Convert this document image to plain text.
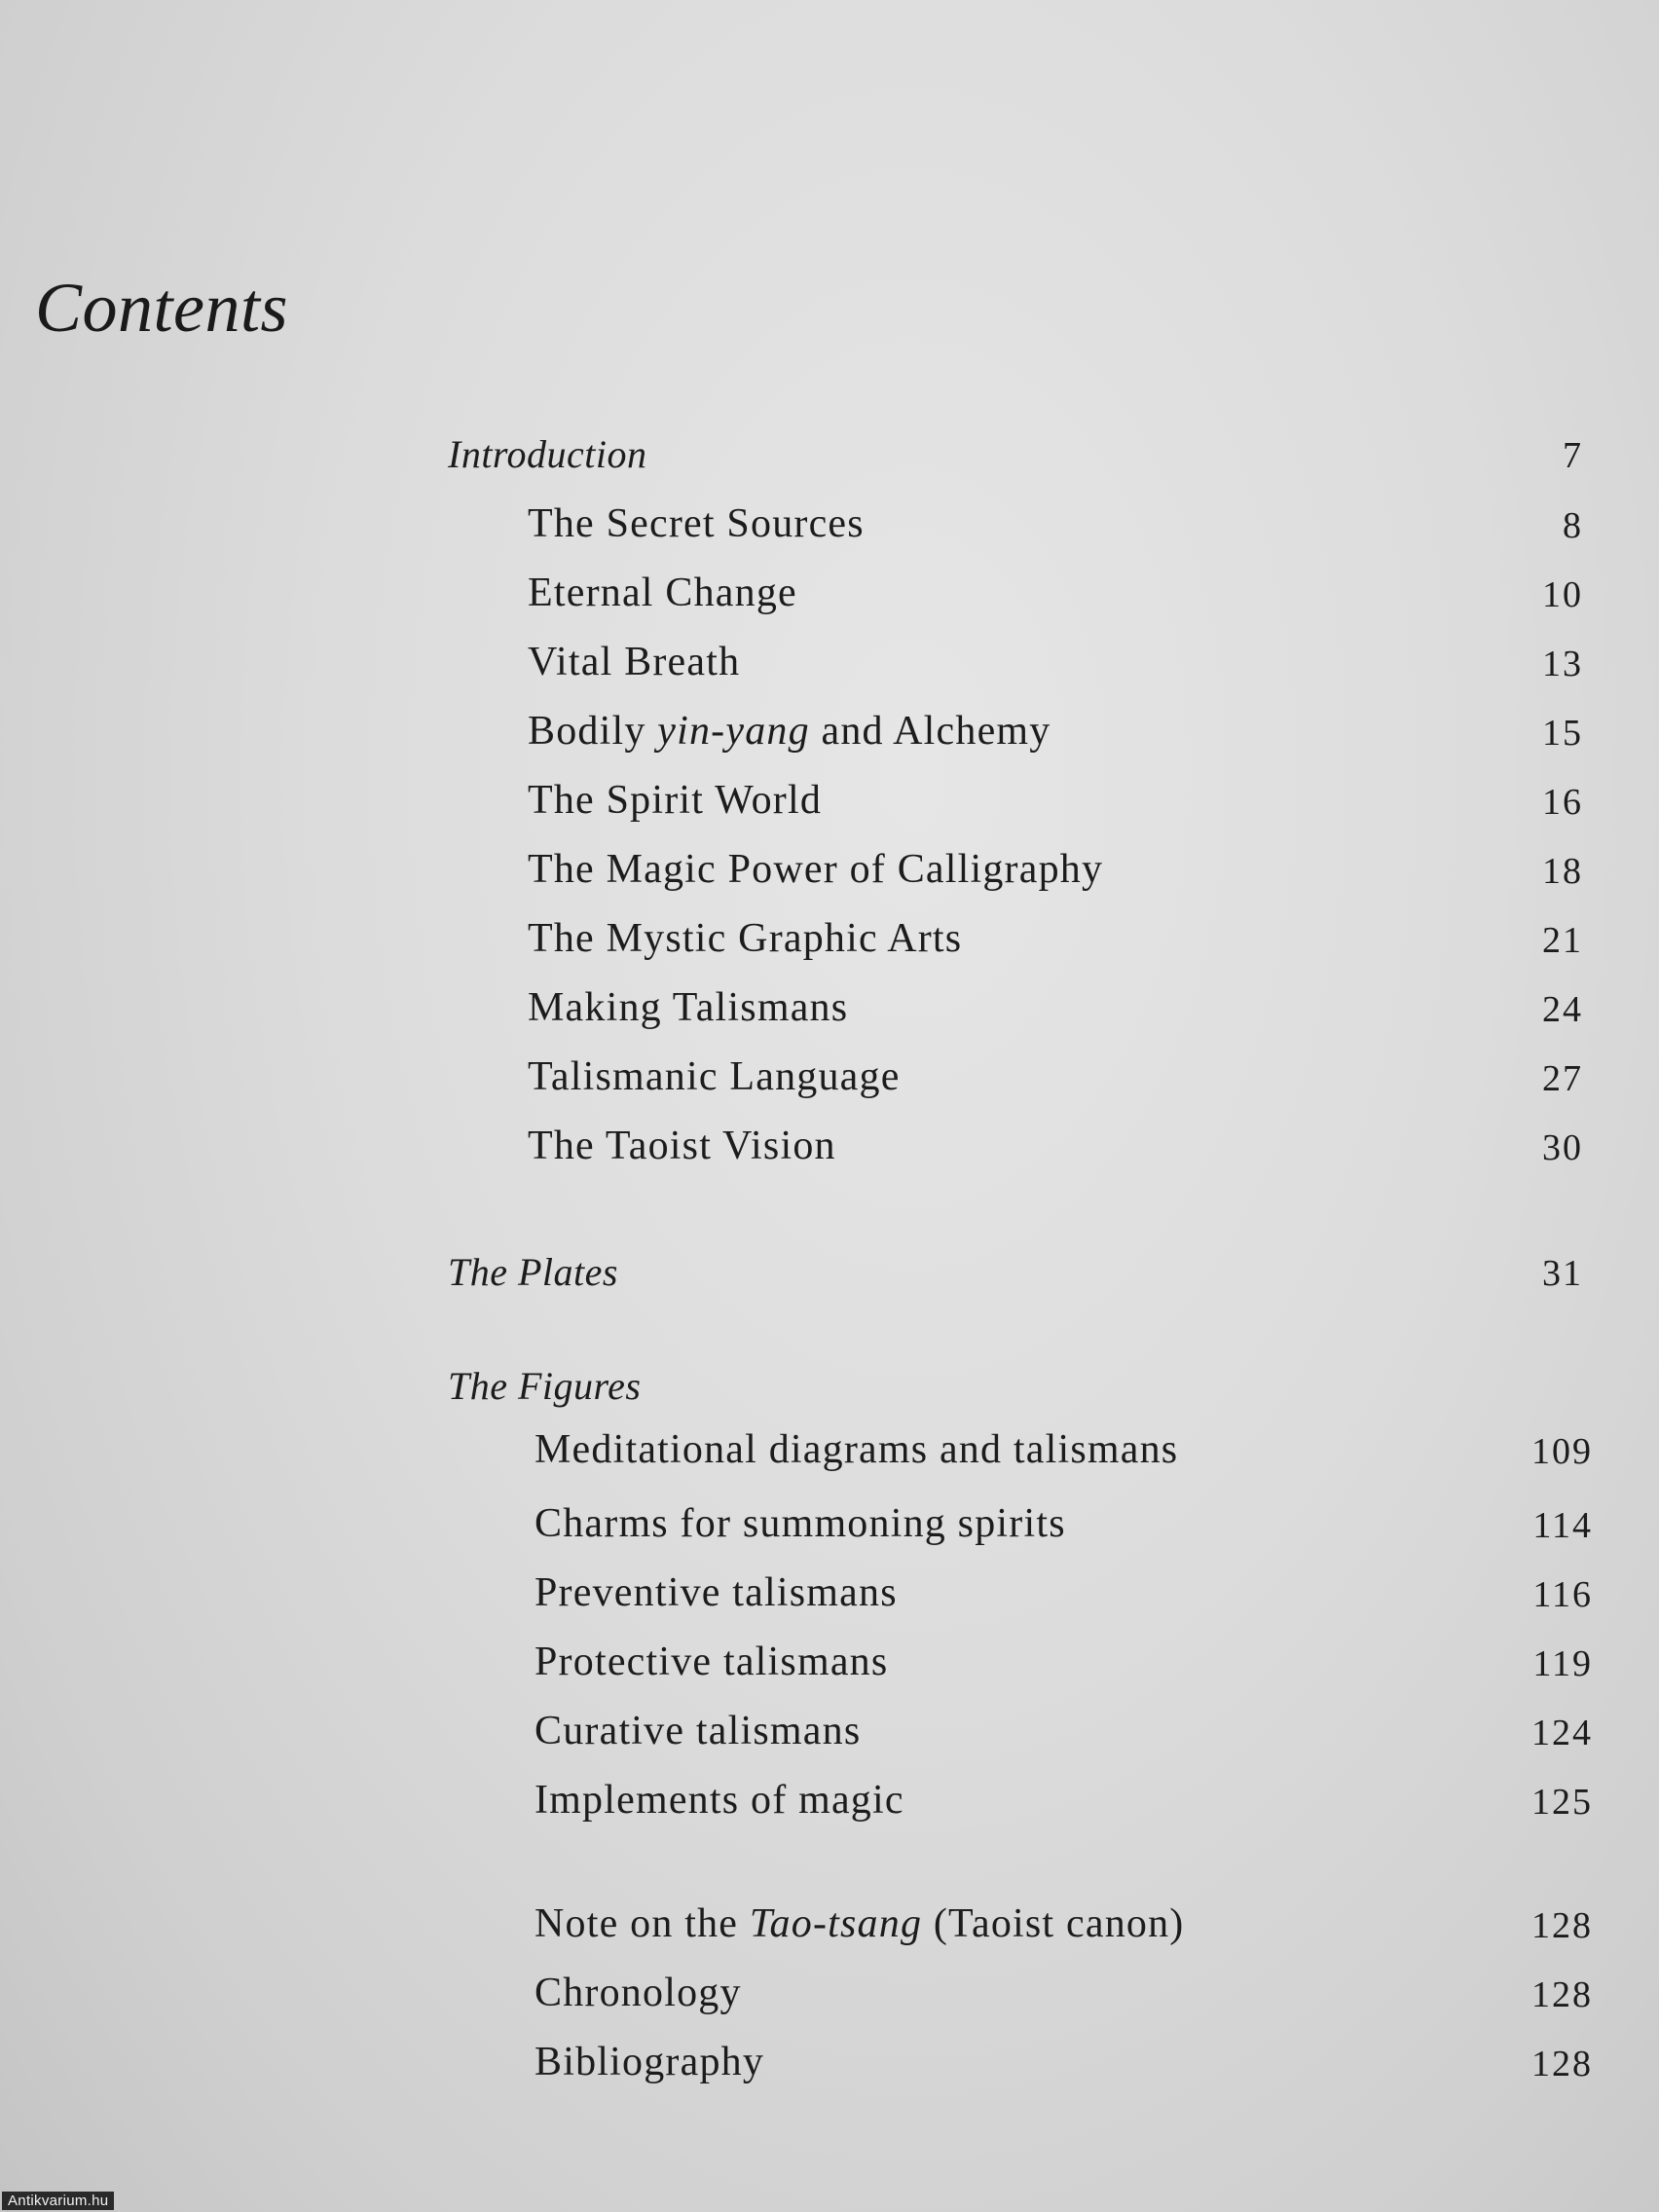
Contents
Introduction	7
The Secret Sources	8
Eternal Change	10
Vital Breath	13
Bodily yin-yang and Alchemy	15
The Spirit World	16
The Magic Power of Calligraphy	18
The Mystic Graphic Arts	21
Making Talismans	24
Talismanic Language	27
The Taoist Vision	30
The Plates	31
The Figures
Meditational diagrams and talismans	109
Charms for summoning spirits	114
Preventive talismans	116
Protective talismans	119
Curative talismans	124
Implements of magic	125
Note on the Tao-tsang (Taoist canon)	128
Chronology	128
Bibliography	128
Antikvarium.hu
